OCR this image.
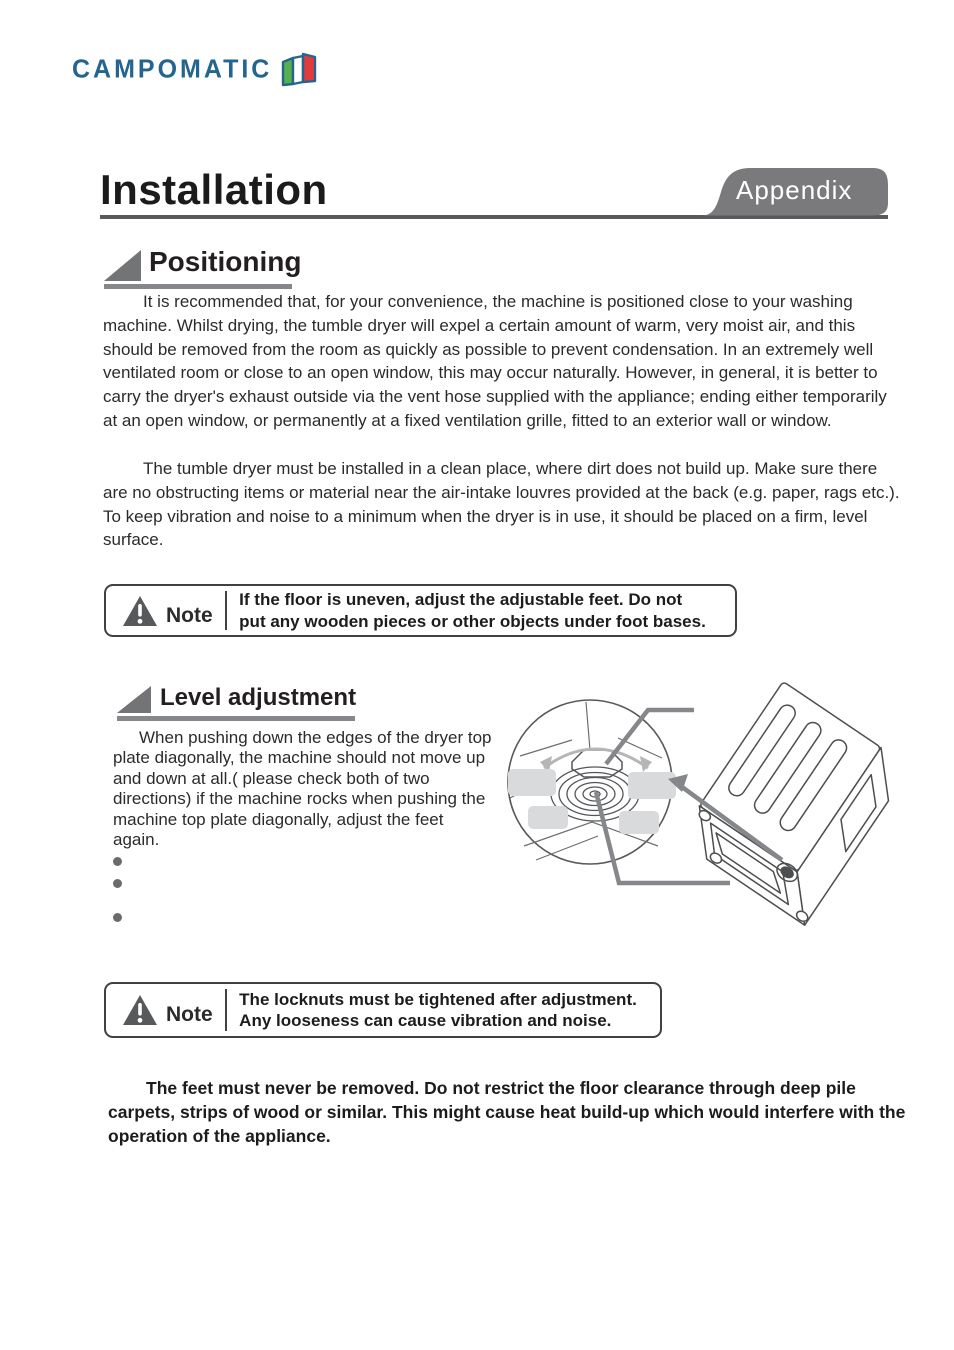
CAMPOMATIC
Installation	Appendix
Positioning
It is recommended that, for your convenience, the machine is positioned close to your washing machine. Whilst drying, the tumble dryer will expel a certain amount of warm, very moist air, and this should be removed from the room as quickly as possible to prevent condensation. In an extremely well ventilated room or close to an open window, this may occur naturally. However, in general, it is better to carry the dryer's exhaust outside via the vent hose supplied with the appliance; ending either temporarily at an open window, or permanently at a fixed ventilation grille, fitted to an exterior wall or window.
The tumble dryer must be installed in a clean place, where dirt does not build up. Make sure there are no obstructing items or material near the air-intake louvres provided at the back (e.g. paper, rags etc.). To keep vibration and noise to a minimum when the dryer is in use, it should be placed on a firm, level surface.
Note
If the floor is uneven, adjust the adjustable feet. Do not
put any wooden pieces or other objects under foot bases.
Level adjustment
When pushing down the edges of the dryer top plate diagonally, the machine should not move up and down at all.( please check both of two directions) if the machine rocks when pushing the machine top plate diagonally, adjust the feet again.
Note
The locknuts must be tightened after adjustment.
Any looseness can cause vibration and noise.
The feet must never be removed. Do not restrict the floor clearance through deep pile carpets, strips of wood or similar. This might cause heat build-up which would interfere with the operation of the appliance.
